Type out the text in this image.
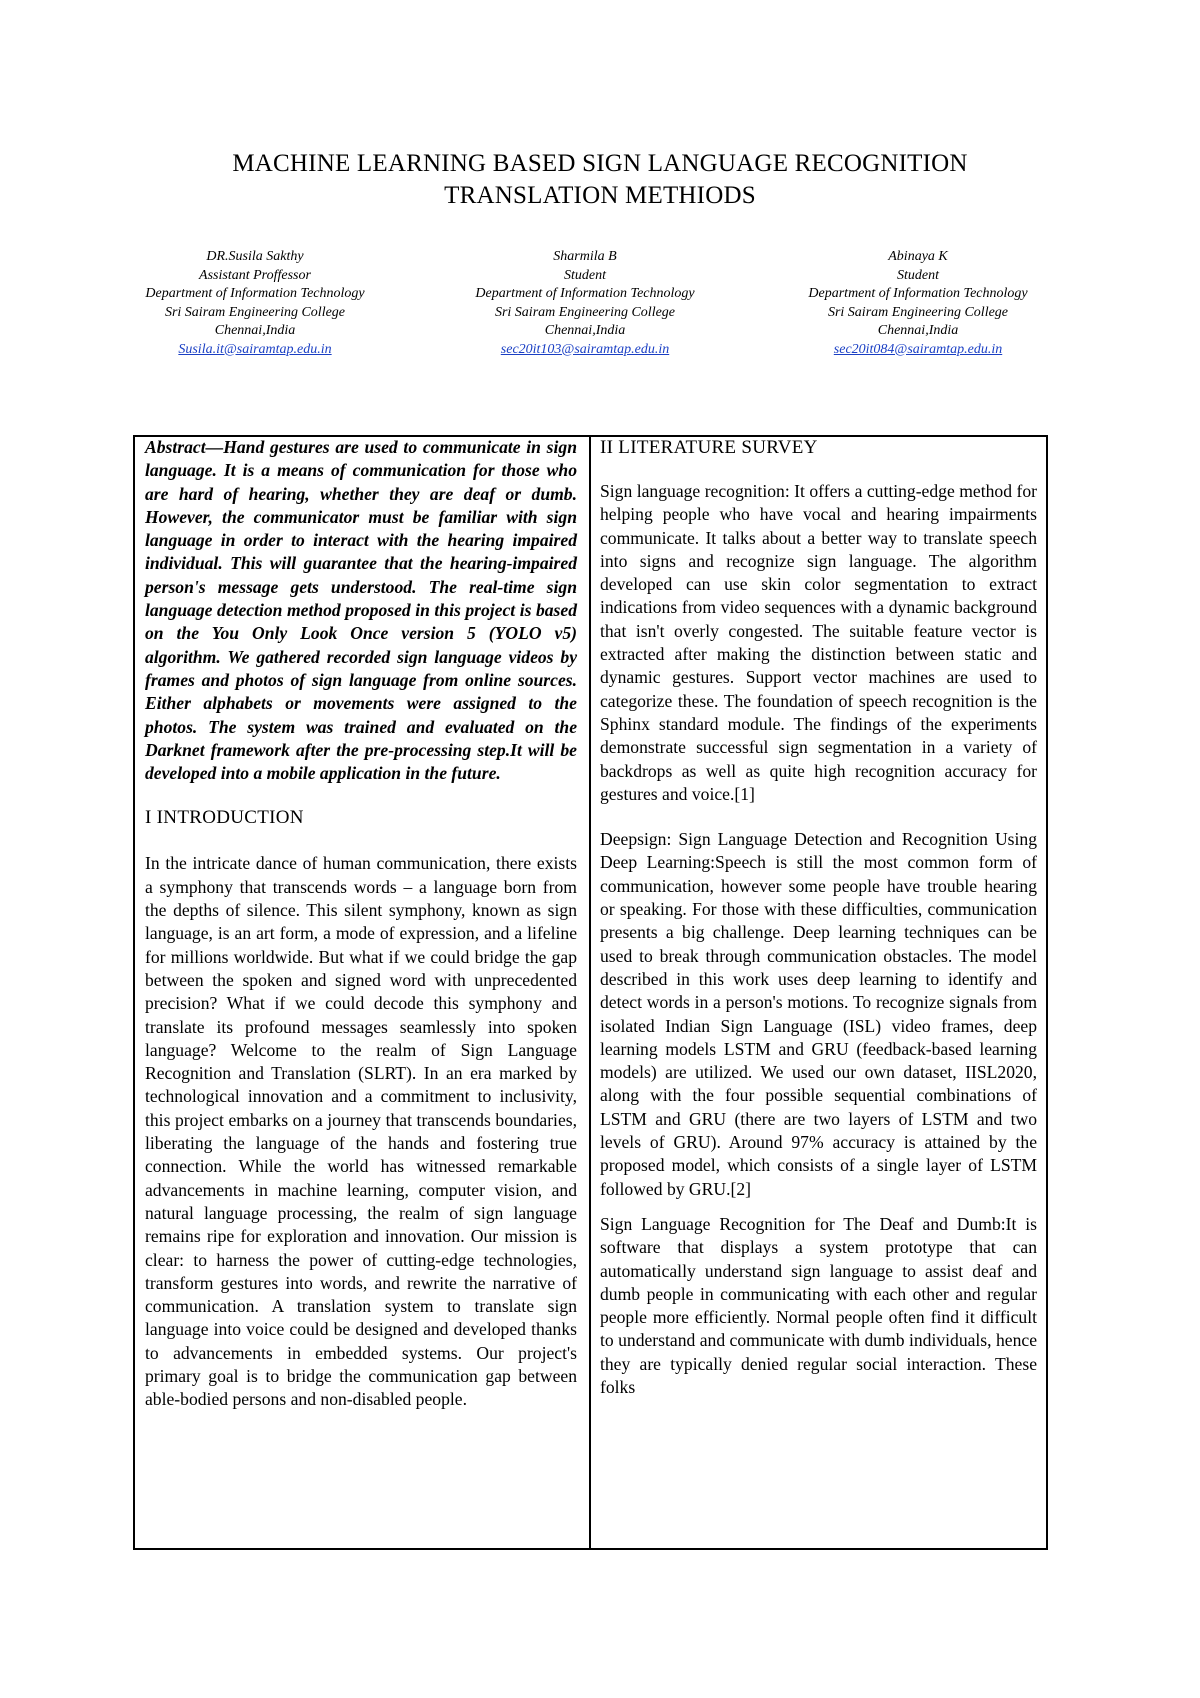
MACHINE LEARNING BASED SIGN LANGUAGE RECOGNITION
TRANSLATION METHIODS
DR.Susila Sakthy
Assistant Proffessor
Department of Information Technology
Sri Sairam Engineering College
Chennai,India
Susila.it@sairamtap.edu.in
Sharmila B
Student
Department of Information Technology
Sri Sairam Engineering College
Chennai,India
sec20it103@sairamtap.edu.in
Abinaya K
Student
Department of Information Technology
Sri Sairam Engineering College
Chennai,India
sec20it084@sairamtap.edu.in

Abstract—Hand gestures are used to communicate in sign language. It is a means of communication for those who are hard of hearing, whether they are deaf or dumb. However, the communicator must be familiar with sign language in order to interact with the hearing impaired individual. This will guarantee that the hearing-impaired person's message gets understood. The real-time sign language detection method proposed in this project is based on the You Only Look Once version 5 (YOLO v5) algorithm. We gathered recorded sign language videos by frames and photos of sign language from online sources. Either alphabets or movements were assigned to the photos. The system was trained and evaluated on the Darknet framework after the pre-processing step.It will be developed into a mobile application in the future.

I INTRODUCTION

In the intricate dance of human communication, there exists a symphony that transcends words – a language born from the depths of silence. This silent symphony, known as sign language, is an art form, a mode of expression, and a lifeline for millions worldwide. But what if we could bridge the gap between the spoken and signed word with unprecedented precision? What if we could decode this symphony and translate its profound messages seamlessly into spoken language? Welcome to the realm of Sign Language Recognition and Translation (SLRT). In an era marked by technological innovation and a commitment to inclusivity, this project embarks on a journey that transcends boundaries, liberating the language of the hands and fostering true connection. While the world has witnessed remarkable advancements in machine learning, computer vision, and natural language processing, the realm of sign language remains ripe for exploration and innovation. Our mission is clear: to harness the power of cutting-edge technologies, transform gestures into words, and rewrite the narrative of communication. A translation system to translate sign language into voice could be designed and developed thanks to advancements in embedded systems. Our project's primary goal is to bridge the communication gap between able-bodied persons and non-disabled people.

II LITERATURE SURVEY

Sign language recognition: It offers a cutting-edge method for helping people who have vocal and hearing impairments communicate. It talks about a better way to translate speech into signs and recognize sign language. The algorithm developed can use skin color segmentation to extract indications from video sequences with a dynamic background that isn't overly congested. The suitable feature vector is extracted after making the distinction between static and dynamic gestures. Support vector machines are used to categorize these. The foundation of speech recognition is the Sphinx standard module. The findings of the experiments demonstrate successful sign segmentation in a variety of backdrops as well as quite high recognition accuracy for gestures and voice.[1]

Deepsign: Sign Language Detection and Recognition Using Deep Learning:Speech is still the most common form of communication, however some people have trouble hearing or speaking. For those with these difficulties, communication presents a big challenge. Deep learning techniques can be used to break through communication obstacles. The model described in this work uses deep learning to identify and detect words in a person's motions. To recognize signals from isolated Indian Sign Language (ISL) video frames, deep learning models LSTM and GRU (feedback-based learning models) are utilized. We used our own dataset, IISL2020, along with the four possible sequential combinations of LSTM and GRU (there are two layers of LSTM and two levels of GRU). Around 97% accuracy is attained by the proposed model, which consists of a single layer of LSTM followed by GRU.[2]

Sign Language Recognition for The Deaf and Dumb:It is software that displays a system prototype that can automatically understand sign language to assist deaf and dumb people in communicating with each other and regular people more efficiently. Normal people often find it difficult to understand and communicate with dumb individuals, hence they are typically denied regular social interaction. These folks
